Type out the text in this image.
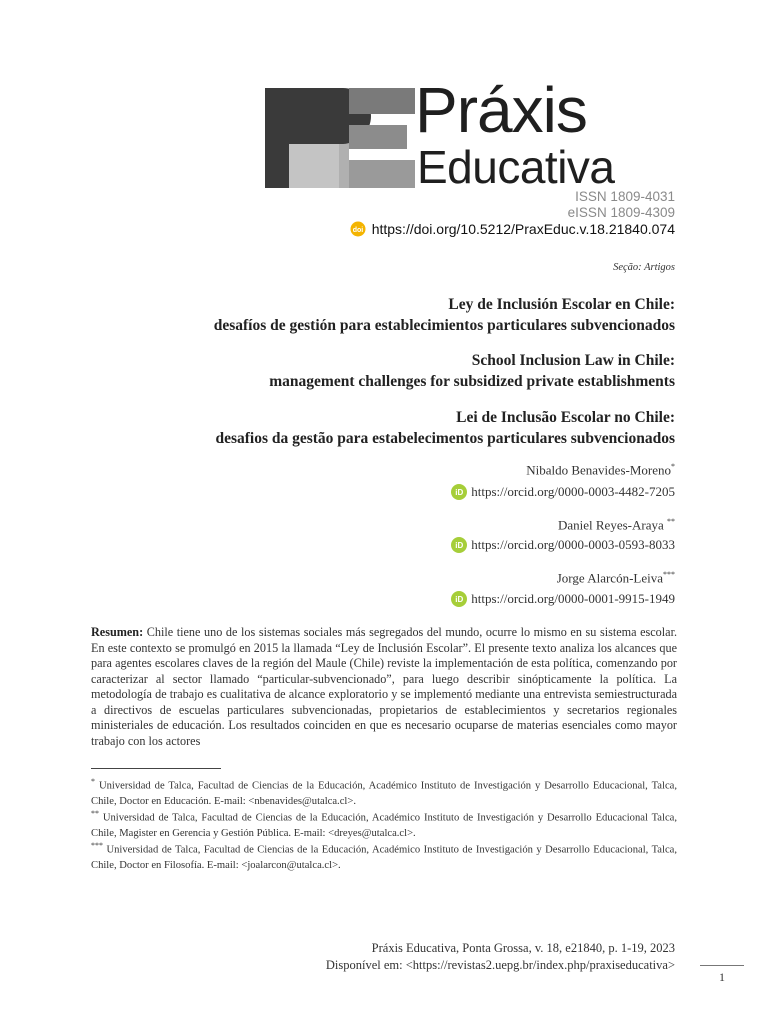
Práxis
Educativa
ISSN 1809-4031
eISSN 1809-4309
doi https://doi.org/10.5212/PraxEduc.v.18.21840.074
Seção: Artigos
Ley de Inclusión Escolar en Chile:
desafíos de gestión para establecimientos particulares subvencionados
School Inclusion Law in Chile:
management challenges for subsidized private establishments
Lei de Inclusão Escolar no Chile:
desafios da gestão para estabelecimentos particulares subvencionados
Nibaldo Benavides-Moreno*
iD https://orcid.org/0000-0003-4482-7205
Daniel Reyes-Araya **
iD https://orcid.org/0000-0003-0593-8033
Jorge Alarcón-Leiva***
iD https://orcid.org/0000-0001-9915-1949
Resumen: Chile tiene uno de los sistemas sociales más segregados del mundo, ocurre lo mismo en su sistema escolar. En este contexto se promulgó en 2015 la llamada “Ley de Inclusión Escolar”. El presente texto analiza los alcances que para agentes escolares claves de la región del Maule (Chile) reviste la implementación de esta política, comenzando por caracterizar al sector llamado “particular-subvencionado”, para luego describir sinópticamente la política. La metodología de trabajo es cualitativa de alcance exploratorio y se implementó mediante una entrevista semiestructurada a directivos de escuelas particulares subvencionadas, propietarios de establecimientos y secretarios regionales ministeriales de educación. Los resultados coinciden en que es necesario ocuparse de materias esenciales como mayor trabajo con los actores
* Universidad de Talca, Facultad de Ciencias de la Educación, Académico Instituto de Investigación y Desarrollo Educacional, Talca, Chile, Doctor en Educación. E-mail: <nbenavides@utalca.cl>.
** Universidad de Talca, Facultad de Ciencias de la Educación, Académico Instituto de Investigación y Desarrollo Educacional Talca, Chile, Magister en Gerencia y Gestión Pública. E-mail: <dreyes@utalca.cl>.
*** Universidad de Talca, Facultad de Ciencias de la Educación, Académico Instituto de Investigación y Desarrollo Educacional, Talca, Chile, Doctor en Filosofía. E-mail: <joalarcon@utalca.cl>.
Práxis Educativa, Ponta Grossa, v. 18, e21840, p. 1-19, 2023
Disponível em: <https://revistas2.uepg.br/index.php/praxiseducativa>
1
